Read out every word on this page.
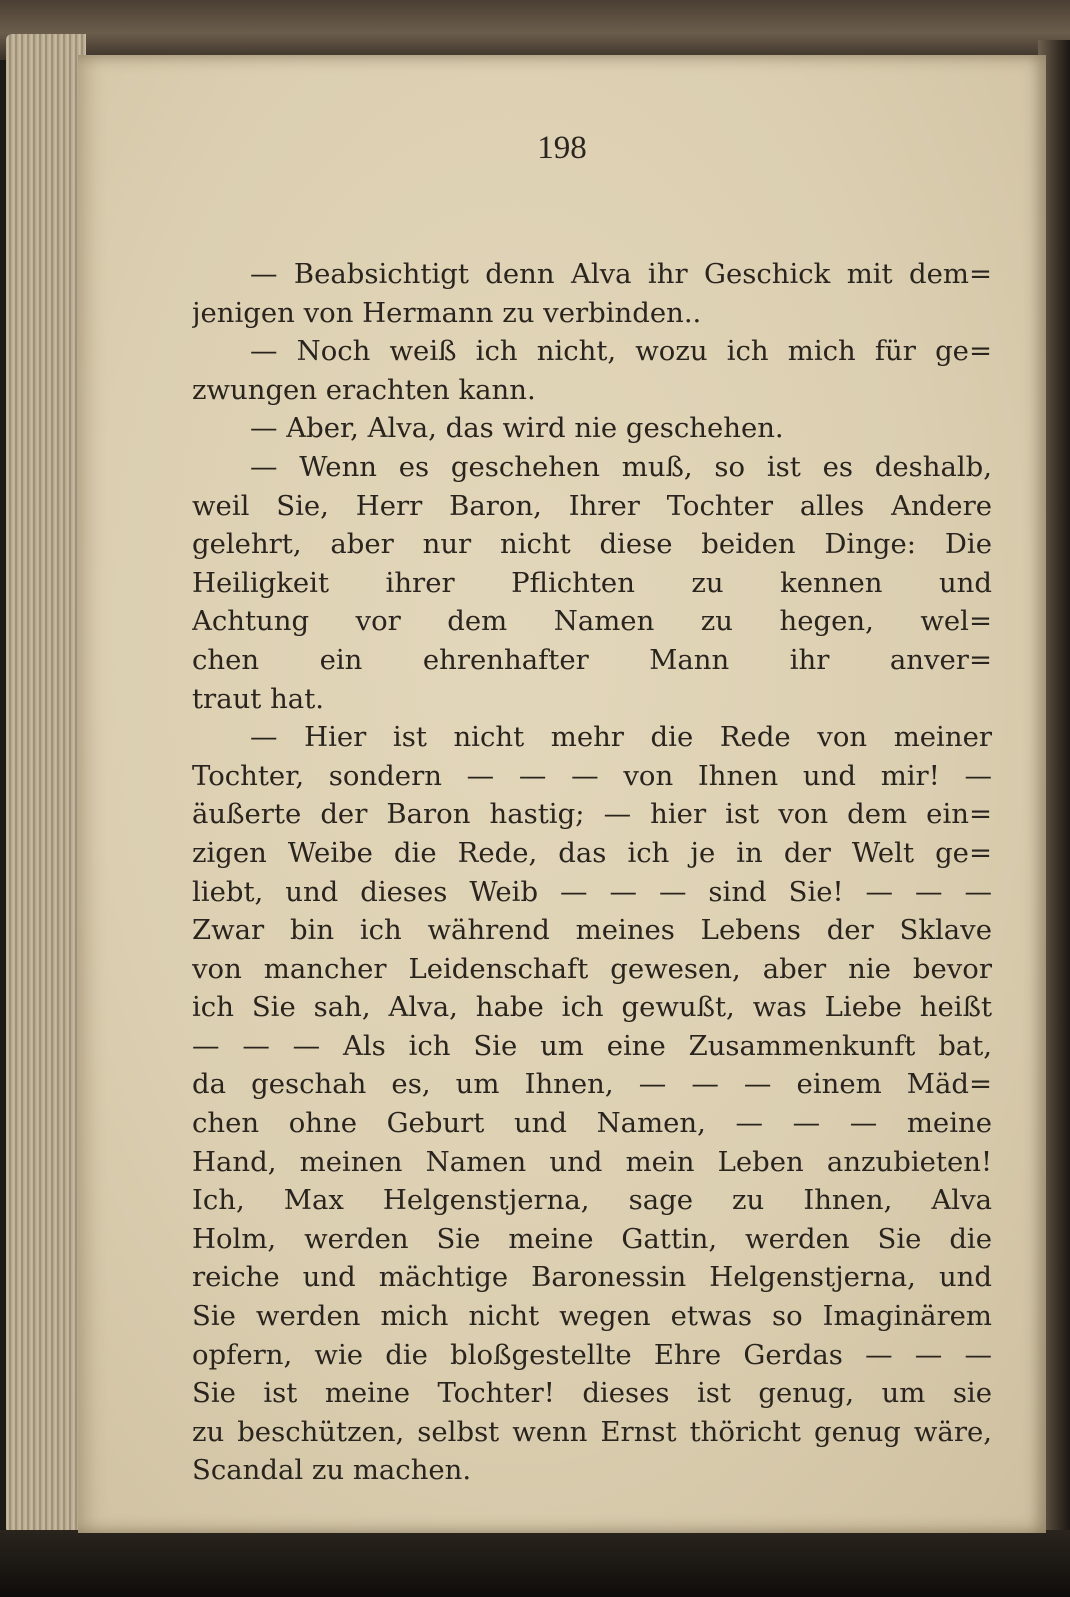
198
— Beabsichtigt denn Alva ihr Geschick mit dem=
jenigen von Hermann zu verbinden..
— Noch weiß ich nicht, wozu ich mich für ge=
zwungen erachten kann.
— Aber, Alva, das wird nie geschehen.
— Wenn es geschehen muß, so ist es deshalb,
weil Sie, Herr Baron, Ihrer Tochter alles Andere
gelehrt, aber nur nicht diese beiden Dinge: Die
Heiligkeit ihrer Pflichten zu kennen und
Achtung vor dem Namen zu hegen, wel=
chen ein ehrenhafter Mann ihr anver=
traut hat.
— Hier ist nicht mehr die Rede von meiner
Tochter, sondern — — — von Ihnen und mir! —
äußerte der Baron hastig; — hier ist von dem ein=
zigen Weibe die Rede, das ich je in der Welt ge=
liebt, und dieses Weib — — — sind Sie! — — —
Zwar bin ich während meines Lebens der Sklave
von mancher Leidenschaft gewesen, aber nie bevor
ich Sie sah, Alva, habe ich gewußt, was Liebe heißt
— — — Als ich Sie um eine Zusammenkunft bat,
da geschah es, um Ihnen, — — — einem Mäd=
chen ohne Geburt und Namen, — — — meine
Hand, meinen Namen und mein Leben anzubieten!
Ich, Max Helgenstjerna, sage zu Ihnen, Alva
Holm, werden Sie meine Gattin, werden Sie die
reiche und mächtige Baronessin Helgenstjerna, und
Sie werden mich nicht wegen etwas so Imaginärem
opfern, wie die bloßgestellte Ehre Gerdas — — —
Sie ist meine Tochter! dieses ist genug, um sie
zu beschützen, selbst wenn Ernst thöricht genug wäre,
Scandal zu machen.
